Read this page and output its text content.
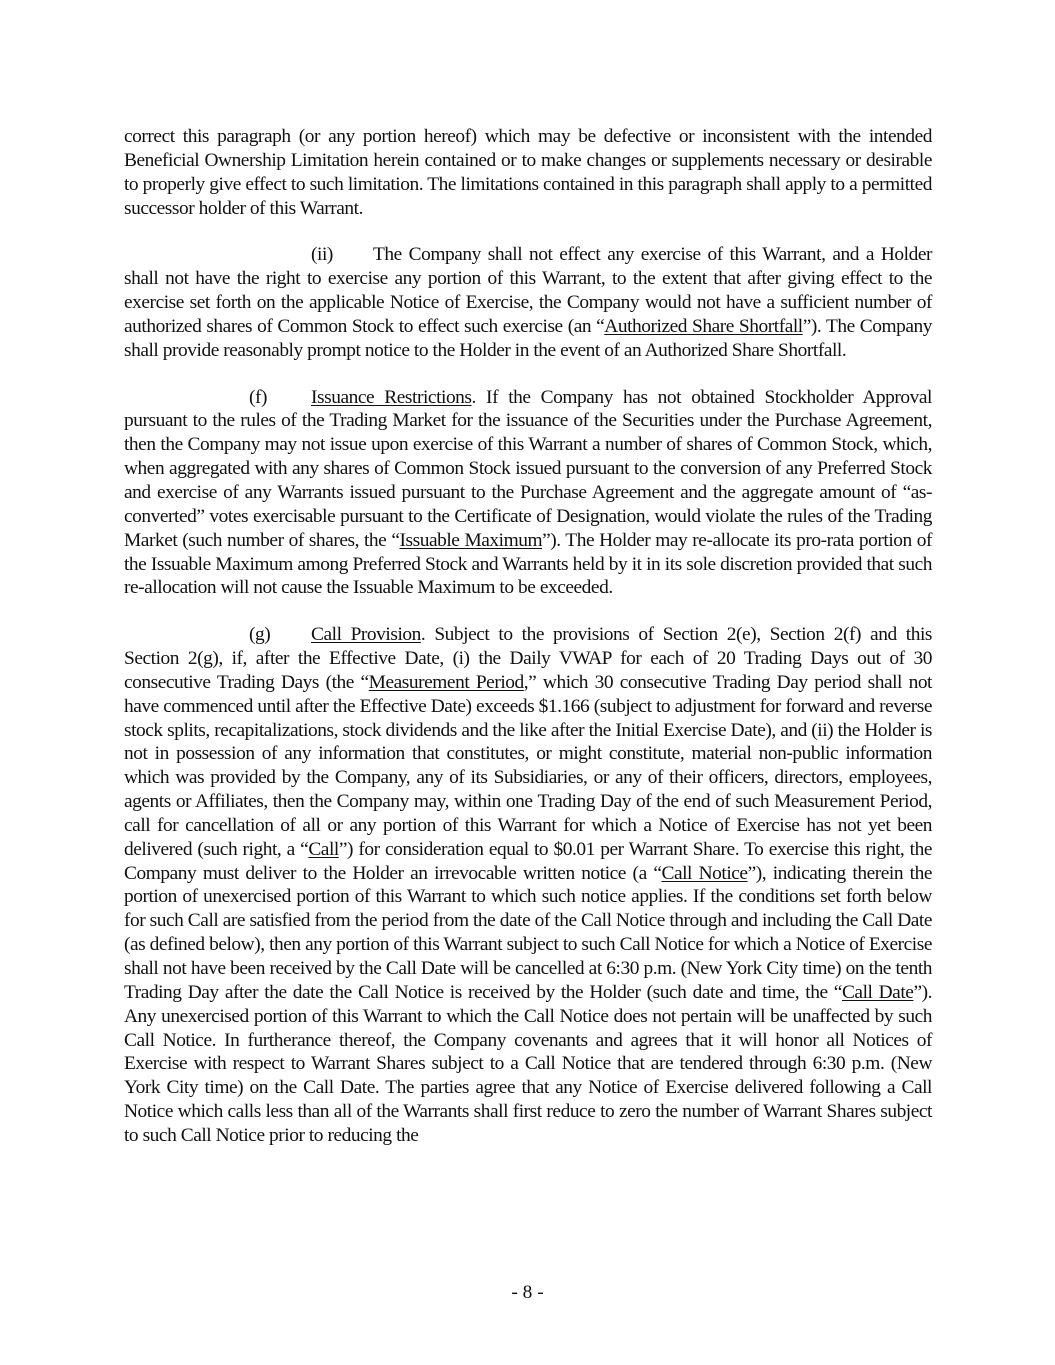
correct this paragraph (or any portion hereof) which may be defective or inconsistent with the intended Beneficial Ownership Limitation herein contained or to make changes or supplements necessary or desirable to properly give effect to such limitation. The limitations contained in this paragraph shall apply to a permitted successor holder of this Warrant.

(ii) The Company shall not effect any exercise of this Warrant, and a Holder shall not have the right to exercise any portion of this Warrant, to the extent that after giving effect to the exercise set forth on the applicable Notice of Exercise, the Company would not have a sufficient number of authorized shares of Common Stock to effect such exercise (an “Authorized Share Shortfall”). The Company shall provide reasonably prompt notice to the Holder in the event of an Authorized Share Shortfall.

(f) Issuance Restrictions. If the Company has not obtained Stockholder Approval pursuant to the rules of the Trading Market for the issuance of the Securities under the Purchase Agreement, then the Company may not issue upon exercise of this Warrant a number of shares of Common Stock, which, when aggregated with any shares of Common Stock issued pursuant to the conversion of any Preferred Stock and exercise of any Warrants issued pursuant to the Purchase Agreement and the aggregate amount of “as-converted” votes exercisable pursuant to the Certificate of Designation, would violate the rules of the Trading Market (such number of shares, the “Issuable Maximum”). The Holder may re-allocate its pro-rata portion of the Issuable Maximum among Preferred Stock and Warrants held by it in its sole discretion provided that such re-allocation will not cause the Issuable Maximum to be exceeded.

(g) Call Provision. Subject to the provisions of Section 2(e), Section 2(f) and this Section 2(g), if, after the Effective Date, (i) the Daily VWAP for each of 20 Trading Days out of 30 consecutive Trading Days (the “Measurement Period,” which 30 consecutive Trading Day period shall not have commenced until after the Effective Date) exceeds $1.166 (subject to adjustment for forward and reverse stock splits, recapitalizations, stock dividends and the like after the Initial Exercise Date), and (ii) the Holder is not in possession of any information that constitutes, or might constitute, material non-public information which was provided by the Company, any of its Subsidiaries, or any of their officers, directors, employees, agents or Affiliates, then the Company may, within one Trading Day of the end of such Measurement Period, call for cancellation of all or any portion of this Warrant for which a Notice of Exercise has not yet been delivered (such right, a “Call”) for consideration equal to $0.01 per Warrant Share. To exercise this right, the Company must deliver to the Holder an irrevocable written notice (a “Call Notice”), indicating therein the portion of unexercised portion of this Warrant to which such notice applies. If the conditions set forth below for such Call are satisfied from the period from the date of the Call Notice through and including the Call Date (as defined below), then any portion of this Warrant subject to such Call Notice for which a Notice of Exercise shall not have been received by the Call Date will be cancelled at 6:30 p.m. (New York City time) on the tenth Trading Day after the date the Call Notice is received by the Holder (such date and time, the “Call Date”). Any unexercised portion of this Warrant to which the Call Notice does not pertain will be unaffected by such Call Notice. In furtherance thereof, the Company covenants and agrees that it will honor all Notices of Exercise with respect to Warrant Shares subject to a Call Notice that are tendered through 6:30 p.m. (New York City time) on the Call Date. The parties agree that any Notice of Exercise delivered following a Call Notice which calls less than all of the Warrants shall first reduce to zero the number of Warrant Shares subject to such Call Notice prior to reducing the

- 8 -
